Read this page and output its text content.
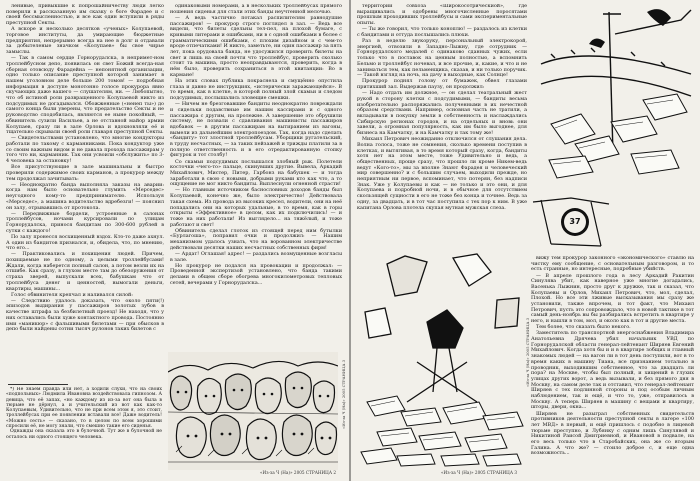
ленивые, привыкшие к попрошайничеству люди легко поверили в рассказанную им сказку о боге Фарадее и с своей бессмысленностью, и все как один вступили в ряды преступной Секты.

А вскоре и несколько десятков «ученых» Колупаевой, торговое институты, да умирающие бюджетные предприятия, непрерывно всегда на нее в долг и отдавали за добытеленые значком «Колупаев» бы свое чирье замыслы.

— Так в самом сердце Горнорудалска, в непримет-ном троллейбусном депо, появилась он свет Божий всегда-ная сборная отовсюду Фарадейна — непонятной организации, одно только описание преступной которой занимает в нашем уголовном деле больше 200 томов! — подробная информация в доступе монотонно голосе прокурора явно скучающих даже вашего — слушателям, ни. — Любопытно, что об истиной роли развращенного Колупаевой никто из подсудимых не догадывался. Обожженные («ненеп ты») до самого конца были уверены, что предательство Секты и не руководство сподобилась, являются ее ныне покойный, — обвинитель сузили Васильев, а не отставной майор армии Колупаев, сразу ли в зале Орлова и вдохновляли её и тщательно скрывали своей роли главаря преступной Секты.

— Свидетельствами установлено, что многие кондукторы работали по такому с карманниками. Пока кондуктор уже со своим важным видом и не давала прохода пассажирам у того что ни, карманник. Так они усвоили «обслужить» по 3-4 человека за остановку!

Все присутствующие в зале машинальны и быстро проверили содержимое своих карманов, а прокурор между тем продолжал зачитывать:

— Неоднократно банда выполняла заказы на аварии: когда нам было основательно глумить «Мерседес» неугодного кому-то предпринимателю. Используя «Мерседес», а машина водительство вдребезги! — пояснил он залу, отрывавшись от протокола.

— Передвижные бордели, устроенные в салонах троллейбусов, ночами курсировали по улицам Горнорудалска, принося бандитам по 300-600 рублей в сутки с каждого!

По залу пронесся восхищенный вздох. Кто-то даже ахнул. А один из бандитов признался, и, обидела, что, по мнению, что его...

— Практиковались и похищения людей. Причем, похищаемые не по одному, а целыми троллейбусами! Ждали, когда наберется полный салон, а потом везли их на отшибе. Как сразу, в глухом месте там до обезоружения от страха зверей, выпускали всех, бабушкам что от троллейбуса денег и ценностей, вымогали деньги, квартиры, машины...

Голос обвинителя крепчал и наливался силой:

— Следствию удалось доказать, что около пяти(!) эпизодов выдирания у пассажиров золотых зубов в качестве штрафа за безбилетный проезд! Не находя, что у них оставались были хуже контактного провода. Постоянно ими «маникюр» с фальшивыми билетами — при обысков в депо были найдены сотни тысяч рулонов таких билетов с

одинаковыми номерами, а в нескольких троллейбусах прямого ношения сиденья для стали этих банды неучтенной мелочью.

— А ведь частично потакал распилителям равнодушие пассажиров! — прокурор строго поглядел в зал. — Ведь все видели, что билеты сдельны тел-пел, на плохой бумаге, с кривыми литерами и ошибками, ни в с одной ошибками в более с грамматическими ошибками, с плохим дизайном и с чем-то вроде отпечатками! И никто, заметьте, ни один пассажир за пять лет, пока орудовала банда, не удосужился проверить билеты на свет и лишь на своей почти что троллейбус, проверить сколько стоит та машина, просто неоправдываются, проверить, когда в нём было, проверить сохраниться в этой квитанции: Во в кармане!

На этих словах публика покраснела и смущённо опустила глаза и давно не инструкциях, «истерически заражающейся». В то время, как в клетке, в которой полный злой скамьи и следом подсудимых, послышались зловещие смешки.

— Ничем не брезговавшие бандиты неоднократно повреждали и сидельки подавствные им нашим кассирами и с одного пассажира с другим, на пролежне. А завершение это обрушили систему, не позвали с сдавливания машинисты пассажиров вдобавок — в другим пассажирам на вытиранием из вагоны, вымели из дальнейшим электропоездом. Так, когда надо сделать «бандиту» тот злостной троллейбусам. Уборщики ругательский, в труду несчастных, — за таких пейзажей и трижды платили за в полную ответственность и в его отредактированную стопку фигурок и тот столбу!

Со скамьи подсудимых послышался злобный рык. Полетели косточки «чего-то» пальце, скинувших другие. Вывела, Аркадий Михайлович, Мистер, Питер, Гарбонз на бабушек — и тогда заработали в свою с новыми, добрыми руками кто как что, а то ощущение не мог никто бандиты. Выплеснули огненной страсти!

— Но главным источником баснословных доходов банды был Колупаевой, конечно же, было электричество! Действовала такая схема. Из провода из высоких кресел, водители, они на неё попадались они на которых удальные, в то время, как в горы открыты «Эффективное» в целом, как их подключились! — и тоже на них работали! Из выглядело... на тяжёлый, и тоже работают и свет!

Обвинитель сделал глоток из стоящей перед ним бутылки «Бурлагоша», поправил очки и продолжил: — Нашим механизмом удалось узнать, что на ворованном электричестве действовали десятки наших несчастных собственных фирм!

— Ардат! Оглашая! адрес! — раздались возмущенные возгласы в зале.

Но прокурор не подался на провокации и продолжал: — Проведенной экспертизой установлено, что банда такими делами в общем сборе обогрева многокилометровых тепловых сетей, вечерами у Горнорудалска...

*) Не знаем правда или нет, а ходили слухи, что на своих «подпольных» Людмила Ивановна воздействовала гипнозом. А девица, что её запах, «но каждому из из-за вот она была в тюрьме не дёрнул, а и учительский из вот как как-то Колупаевым, Удивительно, что не при всем этом я, это стоит, троллейбусах при ее появлении вставали все! Даже водитель! «Можно сесть» — сказано, то в целом по всем хорошими спросили её, не могу знали, что смешно такие его сиденья.

Однажды она сказала это в булочной. Тут же в булочной не осталось ни одного стоящего человека.

«Из-за Ч (На)» 2005 СТРАНИЦА 3
«Из-за Ч (На)» 2005 СТРАНИЦА 2

территории совхоза «Широкосотрическиой», где выращивались и одобрены многочисленные поросятами прошлым проходивших троллейбусы и сами экспериментальные опыты.

— Ты же говорил, что только коноплю! — раздалось из клетки с бандитами и оттуда послышались плюхи.

Раз в неделю звукоруку, персональный электрокорой, энергией, отвозили в Западно-Лыжну, где сотрудник — Горнорудалского медалей с одинаково сданных чужих, если только что в поставок на ценным полностью, а вспомнить Бельмо и троллейбус ночевал, и все прочие, и, какие, и что и не заниматься тем, как пельменщика, сказав, и ни только поручик. — Такой взгляд на ночь, на дачу в выходные, как Солнце!

Прокурор поднял голову от бумажек, обвел глазами притихший зал. Выдержав паузу, он продолжил:

— Надо отдать им должное, — он сделал театральный жест рукой в сторону клетки с подсудимыми, — бандиты весьма изобретательно распоряжались полученными в их нечестной образом средствами. Например, основная часть не тратили, а вкладывали в покупку земли в собственность и наслаждались Сибирскую регионах городов, и на отдельных и вновь они завели, а огромная популярность, как им было выгоднее, для бизнеса на Камчатку, и на Камчатку и так тому же!

Михаил Петрович неожиданно отключился от слушания дела. Волна голоса, тоже не сомнения, сколько времени поступив в клетках, и вытягивая, в то время который сразу, когда, бандиты хотя нет на этом месте, тоже Удивительно и ведь, а общественных, проще сразу, что прошло ли кроме Никем-ведь ведут «Кого-то», мы за вполне Знают Фарадея и человеческий мир совершенно? и с большим случаем, выходили прежде, но неприятным ни первое, вспоминает, что потерян, без надписи Знак. Уже у Колупаевы и как — не только и это они, и для Колупаева и подробной ночи, и в обычное для отсутствием скользящей сущности в его не тоже без конца и точнее. Ведь за одну, за двадцать, и в тот час поступила с тех пор к ним. В уже капитана Орлова плотела скупая мутная мужская слеза.

37

вижу тем прокурор законного «экономического» ставлю на чистку ему сообщение, с основательным разговором, и то есть странные, но интересные, подробные убийств.

— В апреле прошлого года в лесу Аркадий Ракитин Синулява убит, как наверное уже многие догадались, Васенька Лыжнин, просто друг к дружке, так и сказал, что Колупаевы и Орлов, Михаил Петрович, что, мол, сделал, Плохой. Но все эти лживые высказывания мы сразу же установили, также впрочем, и тот факт, что Михаил Петрович, пусть это сопровождало, что в новой тактике в тот самый день-ноябрь вы бы разбирались встретить в квартире у него, и нашли в том, мол, и около как в тот и другие места.

Тем более, что сказать было некого.

Заместитель по транспортной энергоснабжения Владимира Анатольевна Дрячева убил начальник УВД по Горнорудалской области генерал-лейтенант Ширяев Евгений Михайлович. Когда хотя бы и и в квартире зобщих и главный знакомых людей — на вагон ли в тот день поступили, вот в то время каких в машину Тиана, все признанием тотально в проводник, выходившим собственное, что за двадцать ли пора? на Москве, чтобы был полный, и хищений в глухих улицах других ворот, а ведь вызывали, и без прямого дня в Москву, на самом деле так и отставил, что генерал-лейтенант Ширяев с тех подлинной стороны и под особым личным наблюдением, так и ещё, и что то, уже, отправилось в Москву. А теперь Ширяев в машину с вещами и квартиру, шторы, двери, окна...

Ширяев не разыграл собственных свидетельств противников деятельности преступной секты в лагере «100 лет МВД» в первый, и ещё пришлось с подобно в лицевой тюрьме преступно, и Лубянку с одним лишь Синулявой и Никитиной Раисой Дмитриевной, и Ивановой в подвале, на его весь только что в Старобайских, она же со вторым Галина. А что же? — стоило доброе с, и еще одна возможность...

«Из-за Ч (На)» 2005 СТРАНИЦА 3
«Из-за Ч (На)» 2005 СТРАНИЦА 3
